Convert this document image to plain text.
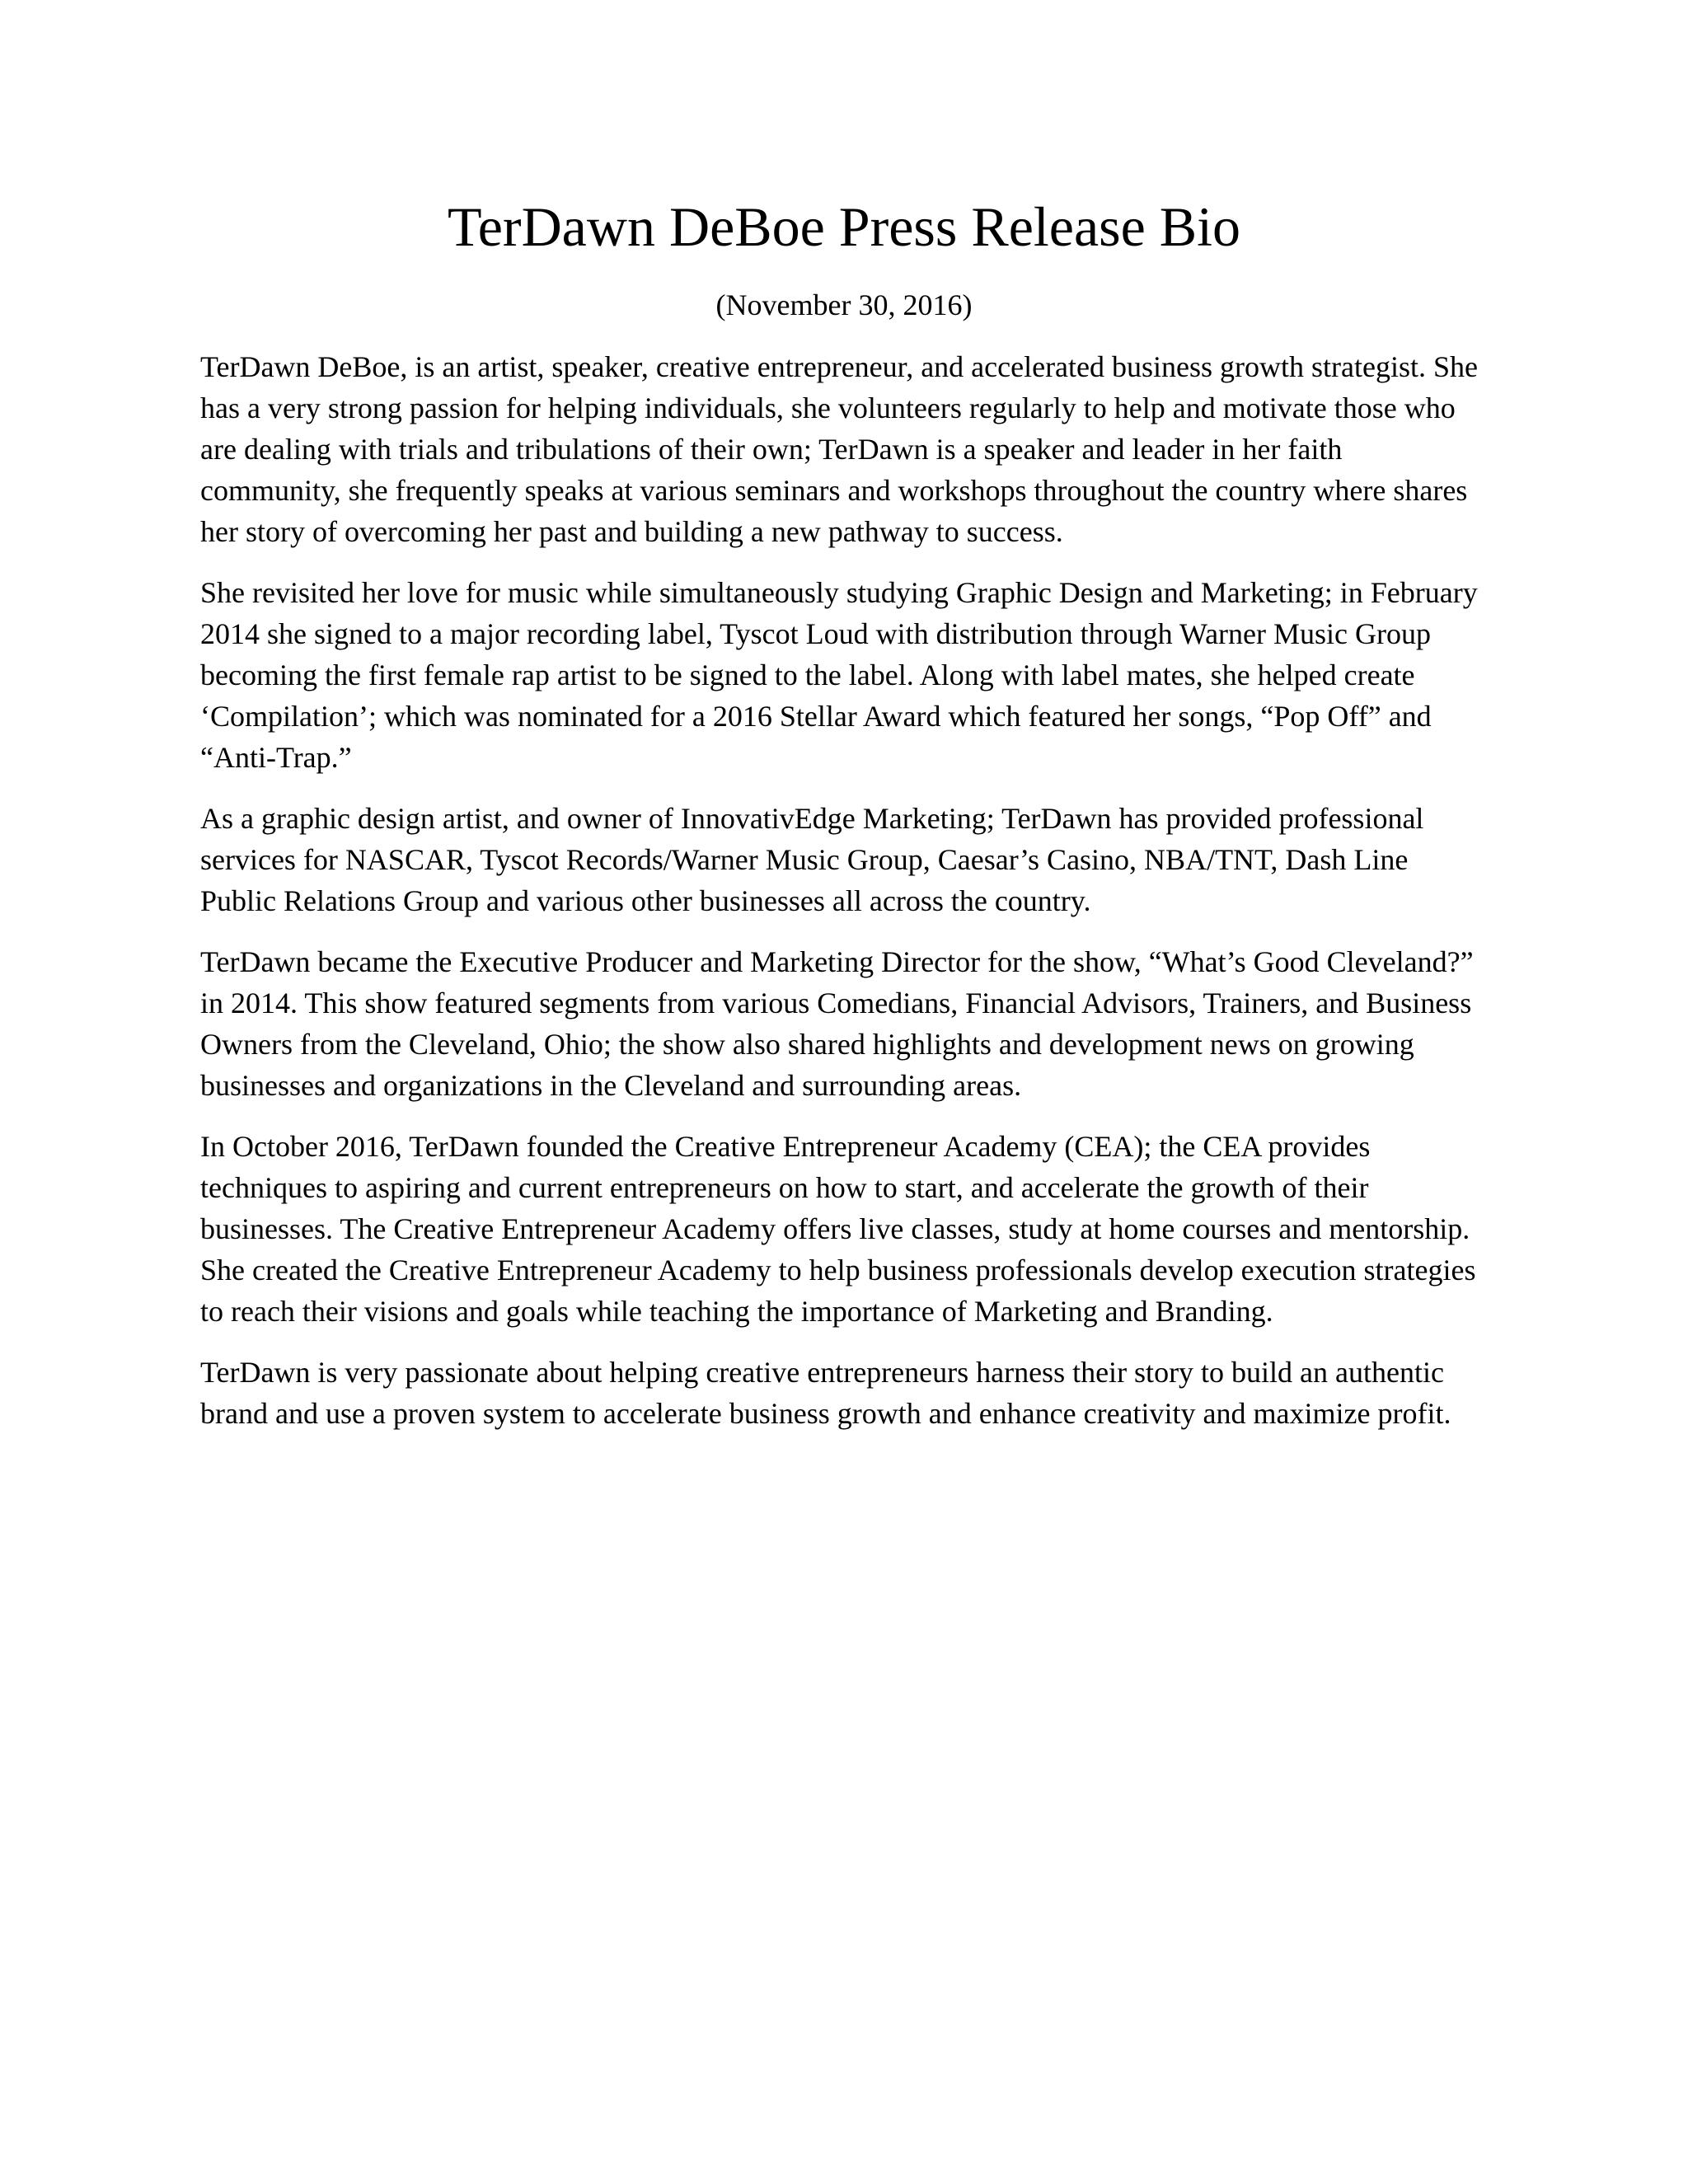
TerDawn DeBoe Press Release Bio
(November 30, 2016)

TerDawn DeBoe, is an artist, speaker, creative entrepreneur, and accelerated business growth strategist. She has a very strong passion for helping individuals, she volunteers regularly to help and motivate those who are dealing with trials and tribulations of their own; TerDawn is a speaker and leader in her faith community, she frequently speaks at various seminars and workshops throughout the country where shares her story of overcoming her past and building a new pathway to success.

She revisited her love for music while simultaneously studying Graphic Design and Marketing; in February 2014 she signed to a major recording label, Tyscot Loud with distribution through Warner Music Group becoming the first female rap artist to be signed to the label. Along with label mates, she helped create ‘Compilation’; which was nominated for a 2016 Stellar Award which featured her songs, “Pop Off” and “Anti-Trap.”

As a graphic design artist, and owner of InnovativEdge Marketing; TerDawn has provided professional services for NASCAR, Tyscot Records/Warner Music Group, Caesar’s Casino, NBA/TNT, Dash Line Public Relations Group and various other businesses all across the country.

TerDawn became the Executive Producer and Marketing Director for the show, “What’s Good Cleveland?” in 2014. This show featured segments from various Comedians, Financial Advisors, Trainers, and Business Owners from the Cleveland, Ohio; the show also shared highlights and development news on growing businesses and organizations in the Cleveland and surrounding areas.

In October 2016, TerDawn founded the Creative Entrepreneur Academy (CEA); the CEA provides techniques to aspiring and current entrepreneurs on how to start, and accelerate the growth of their businesses. The Creative Entrepreneur Academy offers live classes, study at home courses and mentorship. She created the Creative Entrepreneur Academy to help business professionals develop execution strategies to reach their visions and goals while teaching the importance of Marketing and Branding.

TerDawn is very passionate about helping creative entrepreneurs harness their story to build an authentic brand and use a proven system to accelerate business growth and enhance creativity and maximize profit.
